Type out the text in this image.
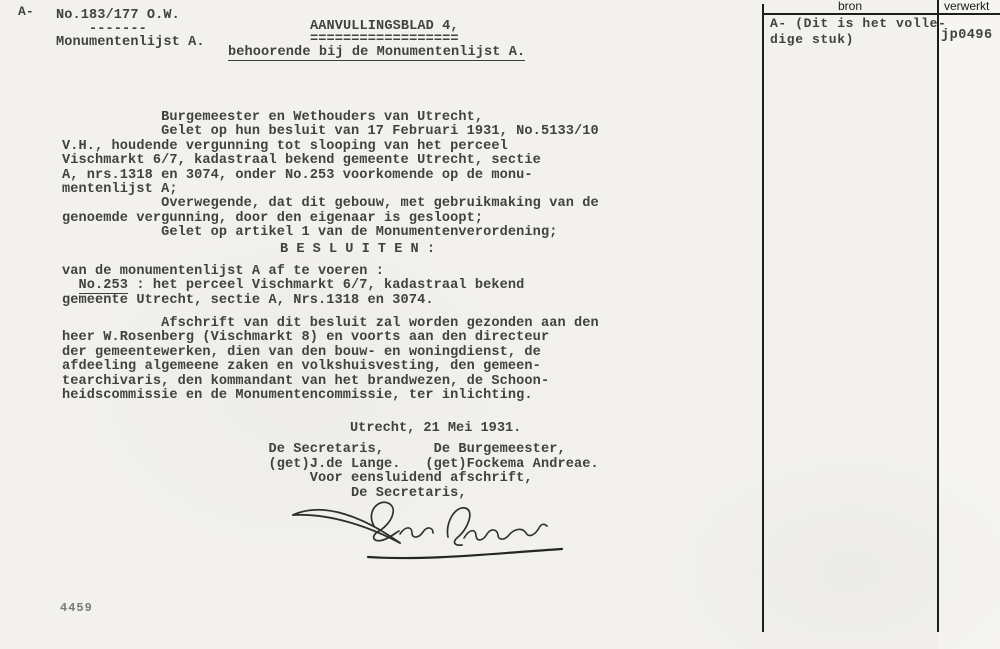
A- No.183/177 O.W.
-------
Monumentenlijst A.
AANVULLINGSBLAD 4,
==================
behoorende bij de Monumentenlijst A.
Burgemeester en Wethouders van Utrecht,
Gelet op hun besluit van 17 Februari 1931, No.5133/10
V.H., houdende vergunning tot slooping van het perceel
Vischmarkt 6/7, kadastraal bekend gemeente Utrecht, sectie
A, nrs.1318 en 3074, onder No.253 voorkomende op de monu-
mentenlijst A;
Overwegende, dat dit gebouw, met gebruikmaking van de
genoemde vergunning, door den eigenaar is gesloopt;
Gelet op artikel 1 van de Monumentenverordening;
B E S L U I T E N :
van de monumentenlijst A af te voeren :
No.253 : het perceel Vischmarkt 6/7, kadastraal bekend
gemeente Utrecht, sectie A, Nrs.1318 en 3074.
Afschrift van dit besluit zal worden gezonden aan den
heer W.Rosenberg (Vischmarkt 8) en voorts aan den directeur
der gemeentewerken, dien van den bouw- en woningdienst, de
afdeeling algemeene zaken en volkshuisvesting, den gemeen-
tearchivaris, den kommandant van het brandwezen, de Schoon-
heidscommissie en de Monumentencommissie, ter inlichting.
Utrecht, 21 Mei 1931.
De Secretaris,      De Burgemeester,
(get)J.de Lange.   (get)Fockema Andreae.
Voor eensluidend afschrift,
De Secretaris,
4459
bron	verwerkt
A- (Dit is het volle-
dige stuk)	jp0496
